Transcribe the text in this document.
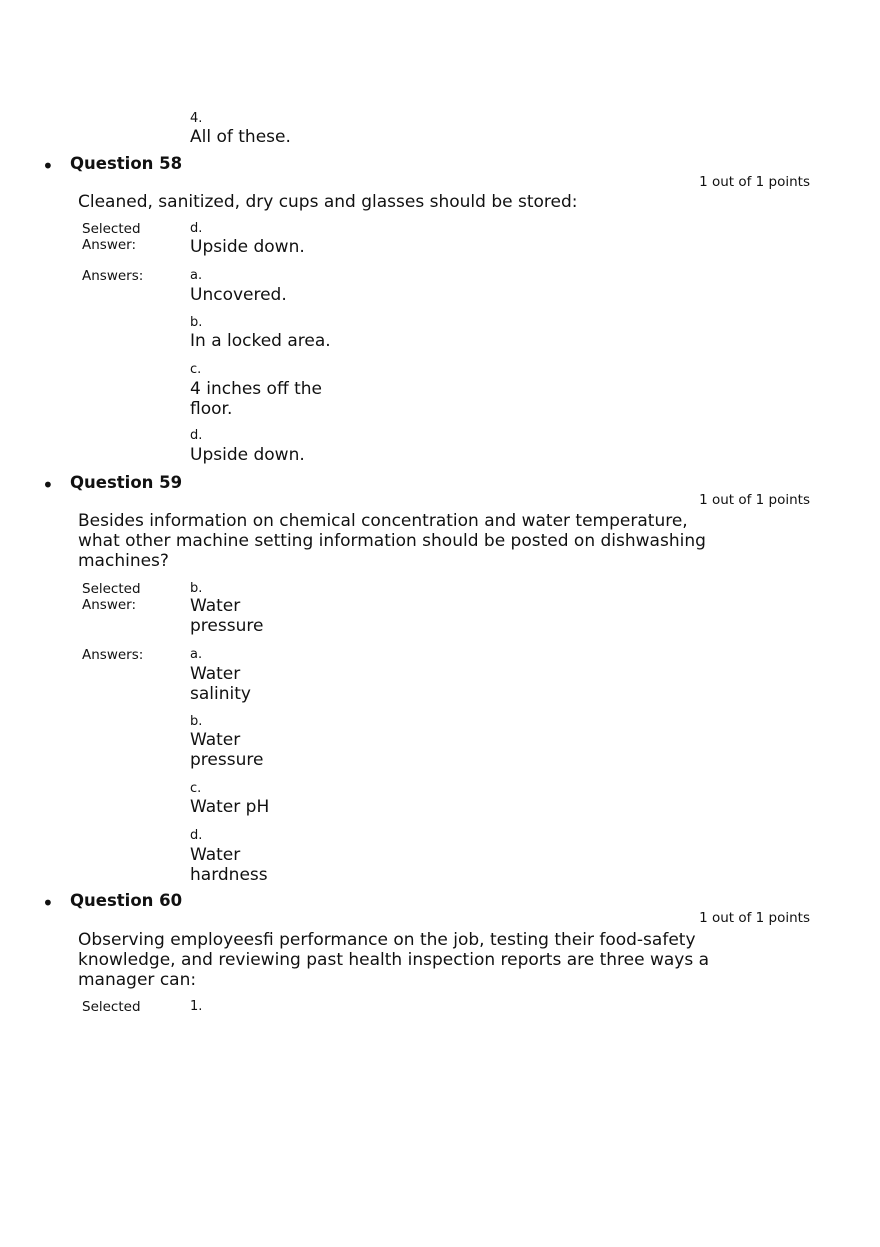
4.
All of these.
• Question 58
1 out of 1 points
Cleaned, sanitized, dry cups and glasses should be stored:
Selected
Answer:
d.
Upside down.
Answers:	a.
Uncovered.
b.
In a locked area.
c.
4 inches off the
floor.
d.
Upside down.
• Question 59
1 out of 1 points
Besides information on chemical concentration and water temperature,
what other machine setting information should be posted on dishwashing
machines?
Selected
Answer:
b.
Water
pressure
Answers:	a.
Water
salinity
b.
Water
pressure
c.
Water pH
d.
Water
hardness
• Question 60
1 out of 1 points
Observing employeesﬁ performance on the job, testing their food-safety
knowledge, and reviewing past health inspection reports are three ways a
manager can:
Selected	1.
